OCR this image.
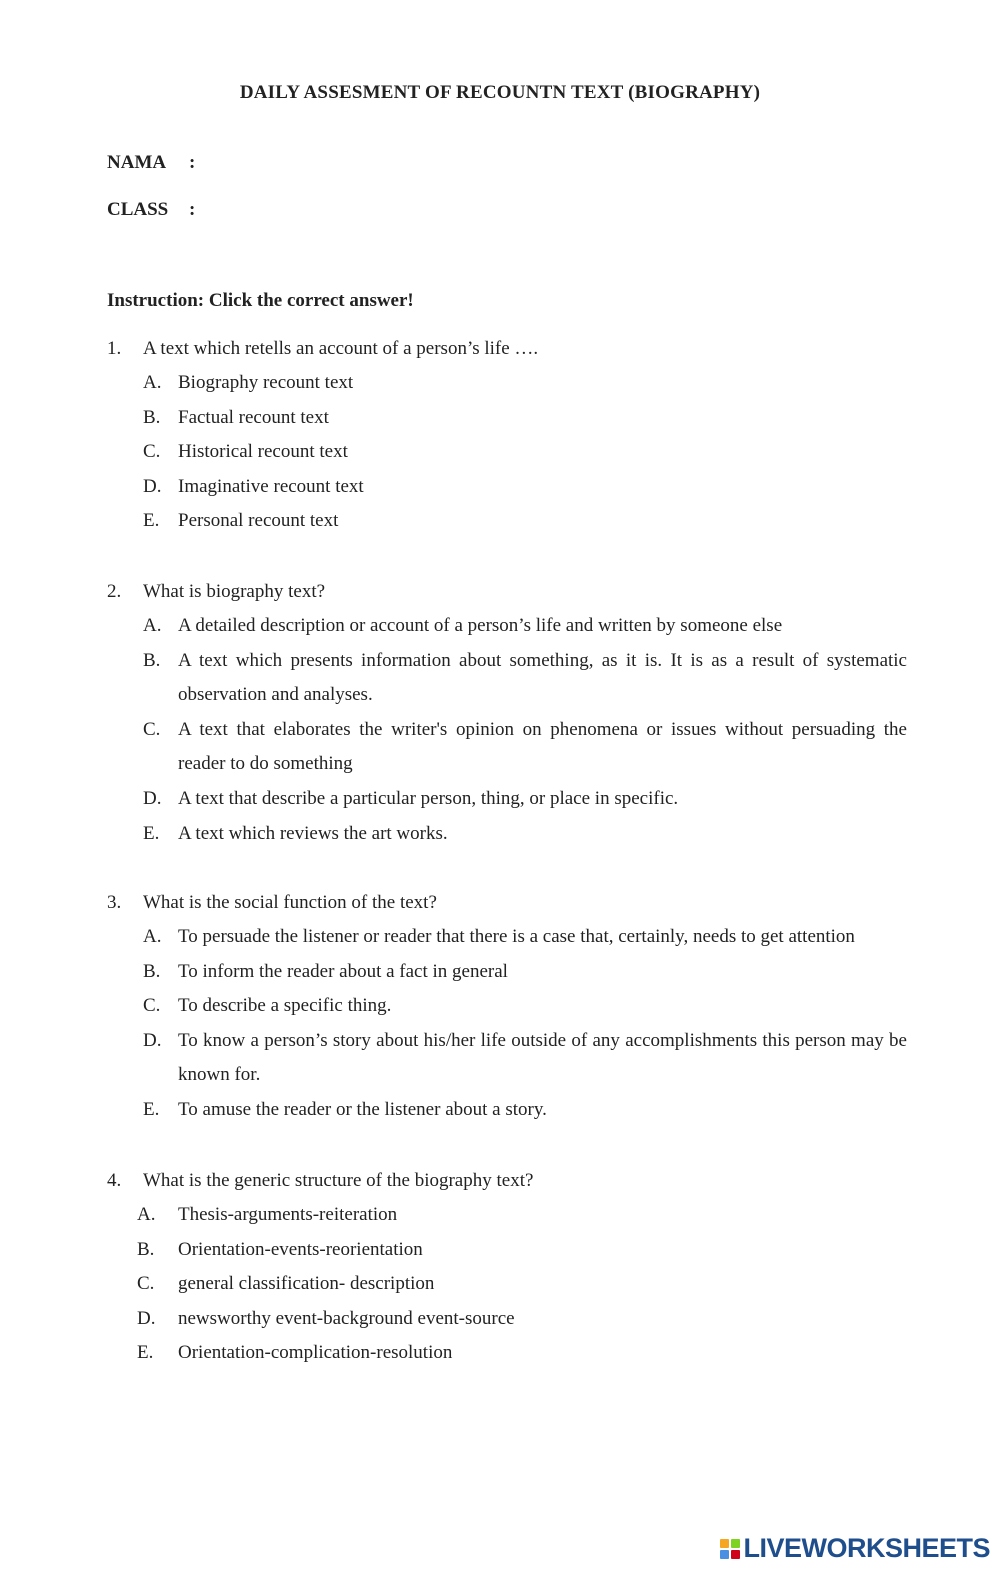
DAILY ASSESMENT OF RECOUNTN TEXT (BIOGRAPHY)
NAMA :
CLASS :
Instruction: Click the correct answer!
1.	A text which retells an account of a person’s life ….
A. Biography recount text
B. Factual recount text
C. Historical recount text
D. Imaginative recount text
E. Personal recount text
2.	What is biography text?
A. A detailed description or account of a person’s life and written by someone else
B. A text which presents information about something, as it is. It is as a result of systematic observation and analyses.
C. A text that elaborates the writer's opinion on phenomena or issues without persuading the reader to do something
D. A text that describe a particular person, thing, or place in specific.
E. A text which reviews the art works.
3.	What is the social function of the text?
A. To persuade the listener or reader that there is a case that, certainly, needs to get attention
B. To inform the reader about a fact in general
C. To describe a specific thing.
D. To know a person’s story about his/her life outside of any accomplishments this person may be known for.
E. To amuse the reader or the listener about a story.
4.	What is the generic structure of the biography text?
A.	Thesis-arguments-reiteration
B.	Orientation-events-reorientation
C.	general classification- description
D.	newsworthy event-background event-source
E.	Orientation-complication-resolution
LIVEWORKSHEETS
